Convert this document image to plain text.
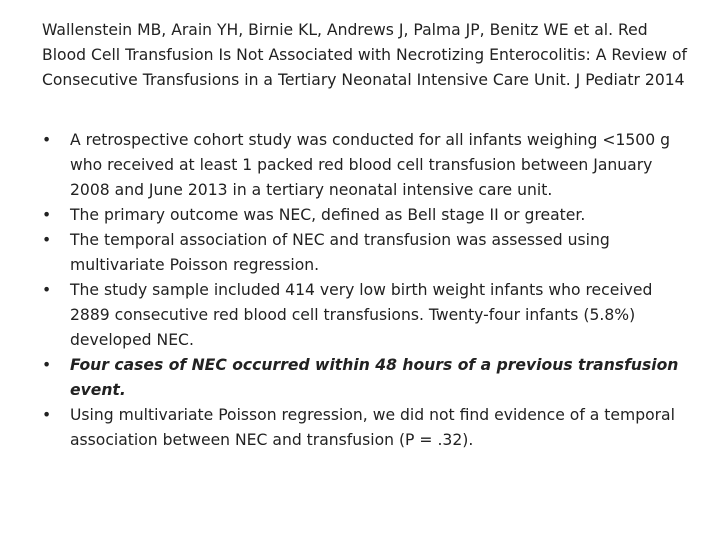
Wallenstein MB, Arain YH, Birnie KL, Andrews J, Palma JP, Benitz WE et al. Red Blood Cell Transfusion Is Not Associated with Necrotizing Enterocolitis: A Review of Consecutive Transfusions in a Tertiary Neonatal Intensive Care Unit. J Pediatr 2014

•	A retrospective cohort study was conducted for all infants weighing <1500 g who received at least 1 packed red blood cell transfusion between January 2008 and June 2013 in a tertiary neonatal intensive care unit.
•	The primary outcome was NEC, defined as Bell stage II or greater.
•	The temporal association of NEC and transfusion was assessed using multivariate Poisson regression.
•	The study sample included 414 very low birth weight infants who received 2889 consecutive red blood cell transfusions. Twenty-four infants (5.8%) developed NEC.
•	Four cases of NEC occurred within 48 hours of a previous transfusion event.
•	Using multivariate Poisson regression, we did not find evidence of a temporal association between NEC and transfusion (P = .32).
